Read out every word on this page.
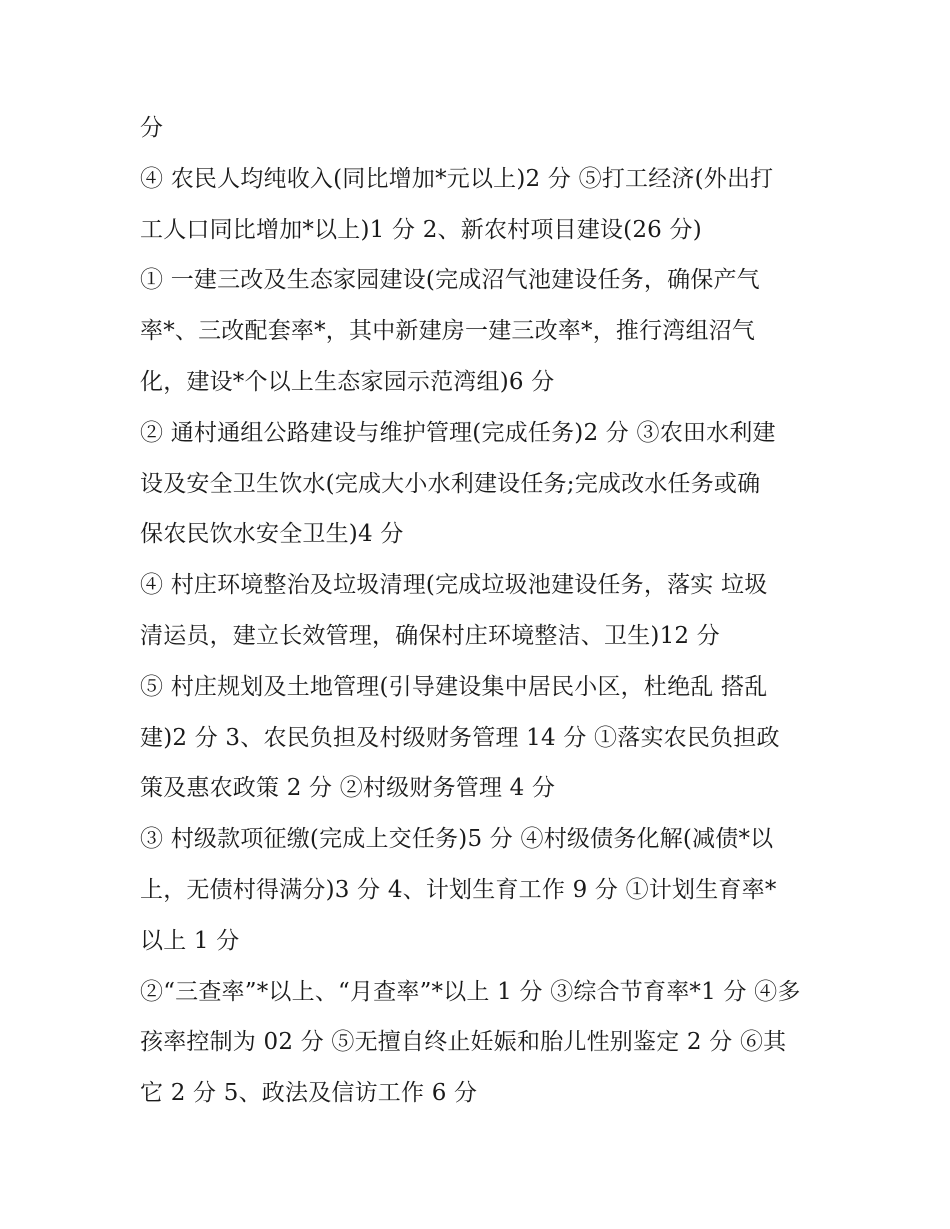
分
④ 农民人均纯收入(同比增加*元以上)2 分 ⑤打工经济(外出打
工人口同比增加*以上)1 分 2、新农村项目建设(26 分)
① 一建三改及生态家园建设(完成沼气池建设任务，确保产气
率*、三改配套率*，其中新建房一建三改率*，推行湾组沼气
化，建设*个以上生态家园示范湾组)6 分
② 通村通组公路建设与维护管理(完成任务)2 分 ③农田水利建
设及安全卫生饮水(完成大小水利建设任务;完成改水任务或确
保农民饮水安全卫生)4 分
④ 村庄环境整治及垃圾清理(完成垃圾池建设任务，落实 垃圾
清运员，建立长效管理，确保村庄环境整洁、卫生)12 分
⑤ 村庄规划及土地管理(引导建设集中居民小区，杜绝乱 搭乱
建)2 分 3、农民负担及村级财务管理 14 分 ①落实农民负担政
策及惠农政策 2 分 ②村级财务管理 4 分
③ 村级款项征缴(完成上交任务)5 分 ④村级债务化解(减债*以
上，无债村得满分)3 分 4、计划生育工作 9 分 ①计划生育率*
以上 1 分
②“三查率”*以上、“月查率”*以上 1 分 ③综合节育率*1 分 ④多
孩率控制为 02 分 ⑤无擅自终止妊娠和胎儿性别鉴定 2 分 ⑥其
它 2 分 5、政法及信访工作 6 分
